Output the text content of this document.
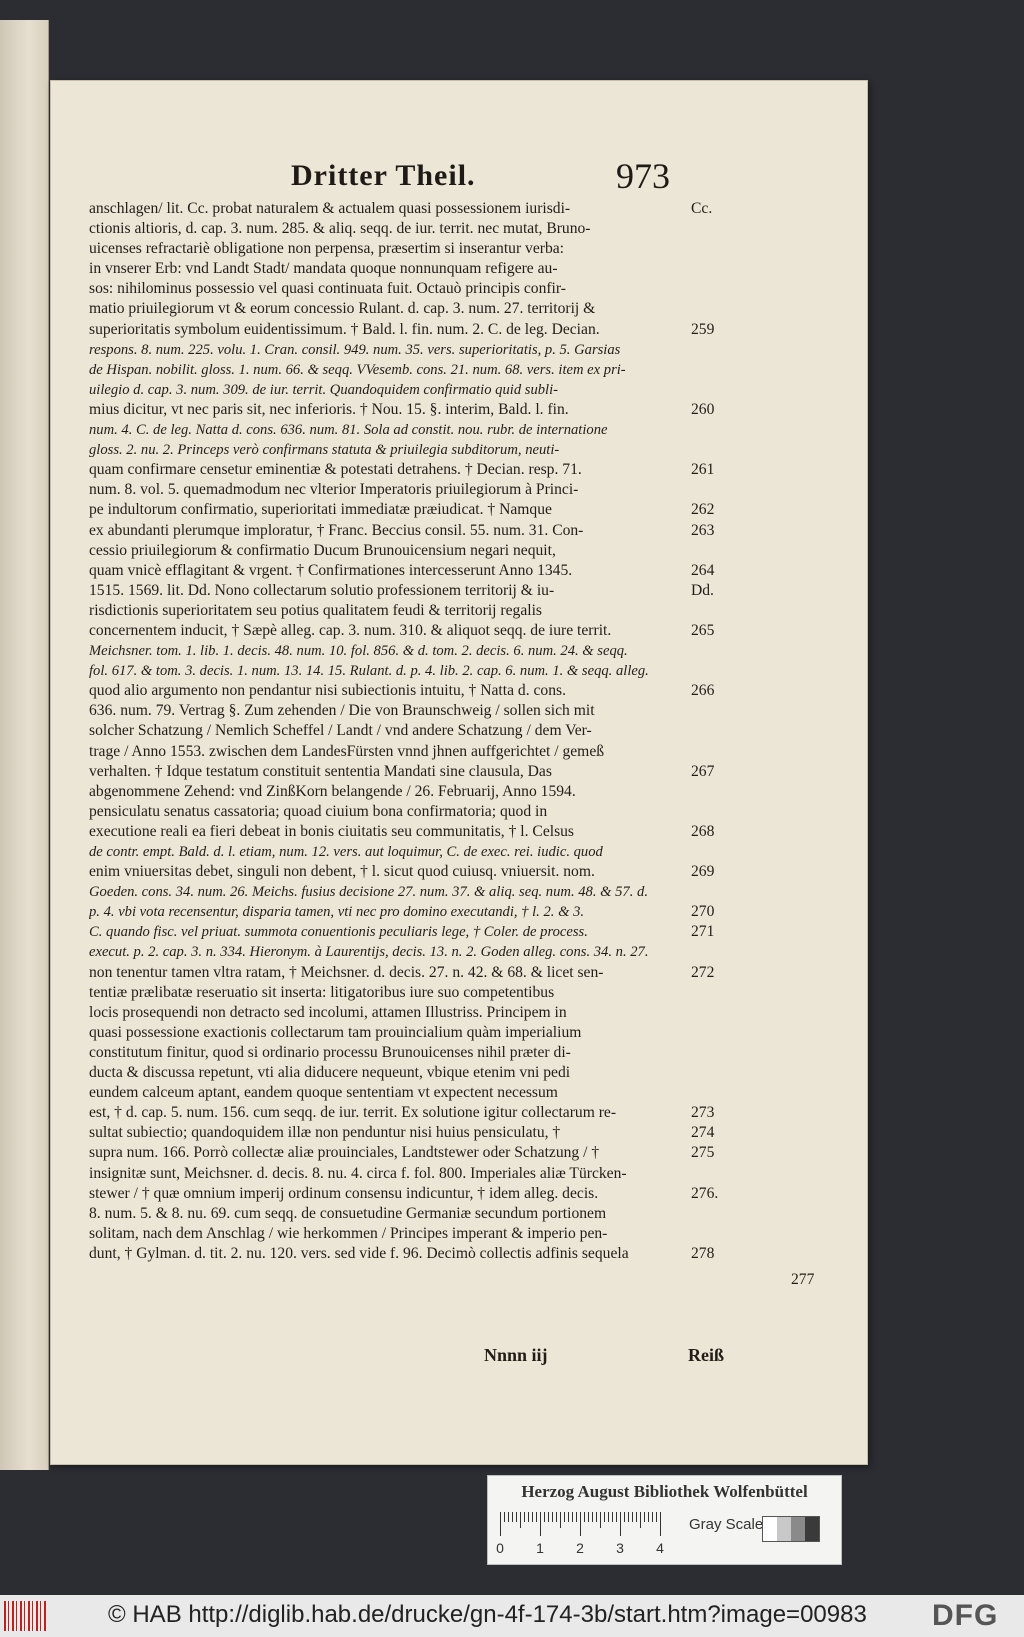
Dritter Theil.	973
anschlagen/ lit. Cc. probat naturalem & actualem quasi possessionem iurisdi-
ctionis altioris, d. cap. 3. num. 285. & aliq. seqq. de iur. territ. nec mutat, Bruno-
uicenses refractariè obligatione non perpensa, præsertim si inserantur verba:
in vnserer Erb: vnd Landt Stadt/ mandata quoque nonnunquam refigere au-
sos: nihilominus possessio vel quasi continuata fuit. Octauò principis confir-
matio priuilegiorum vt & eorum concessio Rulant. d. cap. 3. num. 27. territorij &
superioritatis symbolum euidentissimum. † Bald. l. fin. num. 2. C. de leg. Decian.
respons. 8. num. 225. volu. 1. Cran. consil. 949. num. 35. vers. superioritatis, p. 5. Garsias
de Hispan. nobilit. gloss. 1. num. 66. & seqq. VVesemb. cons. 21. num. 68. vers. item ex pri-
uilegio d. cap. 3. num. 309. de iur. territ. Quandoquidem confirmatio quid subli-
mius dicitur, vt nec paris sit, nec inferioris. † Nou. 15. §. interim, Bald. l. fin.
num. 4. C. de leg. Natta d. cons. 636. num. 81. Sola ad constit. nou. rubr. de internatione
gloss. 2. nu. 2. Princeps verò confirmans statuta & priuilegia subditorum, neuti-
quam confirmare censetur eminentiæ & potestati detrahens. † Decian. resp. 71.
num. 8. vol. 5. quemadmodum nec vlterior Imperatoris priuilegiorum à Princi-
pe indultorum confirmatio, superioritati immediatæ præiudicat. † Namque
ex abundanti plerumque imploratur, † Franc. Beccius consil. 55. num. 31. Con-
cessio priuilegiorum & confirmatio Ducum Brunouicensium negari nequit,
quam vnicè efflagitant & vrgent. † Confirmationes intercesserunt Anno 1345.
1515. 1569. lit. Dd. Nono collectarum solutio professionem territorij & iu-
risdictionis superioritatem seu potius qualitatem feudi & territorij regalis
concernentem inducit, † Sæpè alleg. cap. 3. num. 310. & aliquot seqq. de iure territ.
Meichsner. tom. 1. lib. 1. decis. 48. num. 10. fol. 856. & d. tom. 2. decis. 6. num. 24. & seqq.
fol. 617. & tom. 3. decis. 1. num. 13. 14. 15. Rulant. d. p. 4. lib. 2. cap. 6. num. 1. & seqq. alleg.
quod alio argumento non pendantur nisi subiectionis intuitu, † Natta d. cons.
636. num. 79. Vertrag §. Zum zehenden / Die von Braunschweig / sollen sich mit
solcher Schatzung / Nemlich Scheffel / Landt / vnd andere Schatzung / dem Ver-
trage / Anno 1553. zwischen dem LandesFürsten vnnd jhnen auffgerichtet / gemeß
verhalten. † Idque testatum constituit sententia Mandati sine clausula, Das
abgenommene Zehend: vnd ZinßKorn belangende / 26. Februarij, Anno 1594.
pensiculatu senatus cassatoria; quoad ciuium bona confirmatoria; quod in
executione reali ea fieri debeat in bonis ciuitatis seu communitatis, † l. Celsus
de contr. empt. Bald. d. l. etiam, num. 12. vers. aut loquimur, C. de exec. rei. iudic. quod
enim vniuersitas debet, singuli non debent, † l. sicut quod cuiusq. vniuersit. nom.
Goeden. cons. 34. num. 26. Meichs. fusius decisione 27. num. 37. & aliq. seq. num. 48. & 57. d.
p. 4. vbi vota recensentur, disparia tamen, vti nec pro domino executandi, † l. 2. & 3.
C. quando fisc. vel priuat. summota conuentionis peculiaris lege, † Coler. de process.
execut. p. 2. cap. 3. n. 334. Hieronym. à Laurentijs, decis. 13. n. 2. Goden alleg. cons. 34. n. 27.
non tenentur tamen vltra ratam, † Meichsner. d. decis. 27. n. 42. & 68. & licet sen-
tentiæ prælibatæ reseruatio sit inserta: litigatoribus iure suo competentibus
locis prosequendi non detracto sed incolumi, attamen Illustriss. Principem in
quasi possessione exactionis collectarum tam prouincialium quàm imperialium
constitutum finitur, quod si ordinario processu Brunouicenses nihil præter di-
ducta & discussa repetunt, vti alia diducere nequeunt, vbique etenim vni pedi
eundem calceum aptant, eandem quoque sententiam vt expectent necessum
est, † d. cap. 5. num. 156. cum seqq. de iur. territ. Ex solutione igitur collectarum re-
sultat subiectio; quandoquidem illæ non penduntur nisi huius pensiculatu, †
supra num. 166. Porrò collectæ aliæ prouinciales, Landtstewer oder Schatzung / †
insignitæ sunt, Meichsner. d. decis. 8. nu. 4. circa f. fol. 800. Imperiales aliæ Türcken-
stewer / † quæ omnium imperij ordinum consensu indicuntur, † idem alleg. decis.
8. num. 5. & 8. nu. 69. cum seqq. de consuetudine Germaniæ secundum portionem
solitam, nach dem Anschlag / wie herkommen / Principes imperant & imperio pen-
dunt, † Gylman. d. tit. 2. nu. 120. vers. sed vide f. 96. Decimò collectis adfinis sequela
Cc.
259
260
261
262
263
264
Dd.
265
266
267
268
269
270
271
272
273
274
275
276.
278
277
Nnnn iij	Reiß
Herzog August Bibliothek Wolfenbüttel
0 1 2 3 4
Gray Scale
© HAB http://diglib.hab.de/drucke/gn-4f-174-3b/start.htm?image=00983 DFG
